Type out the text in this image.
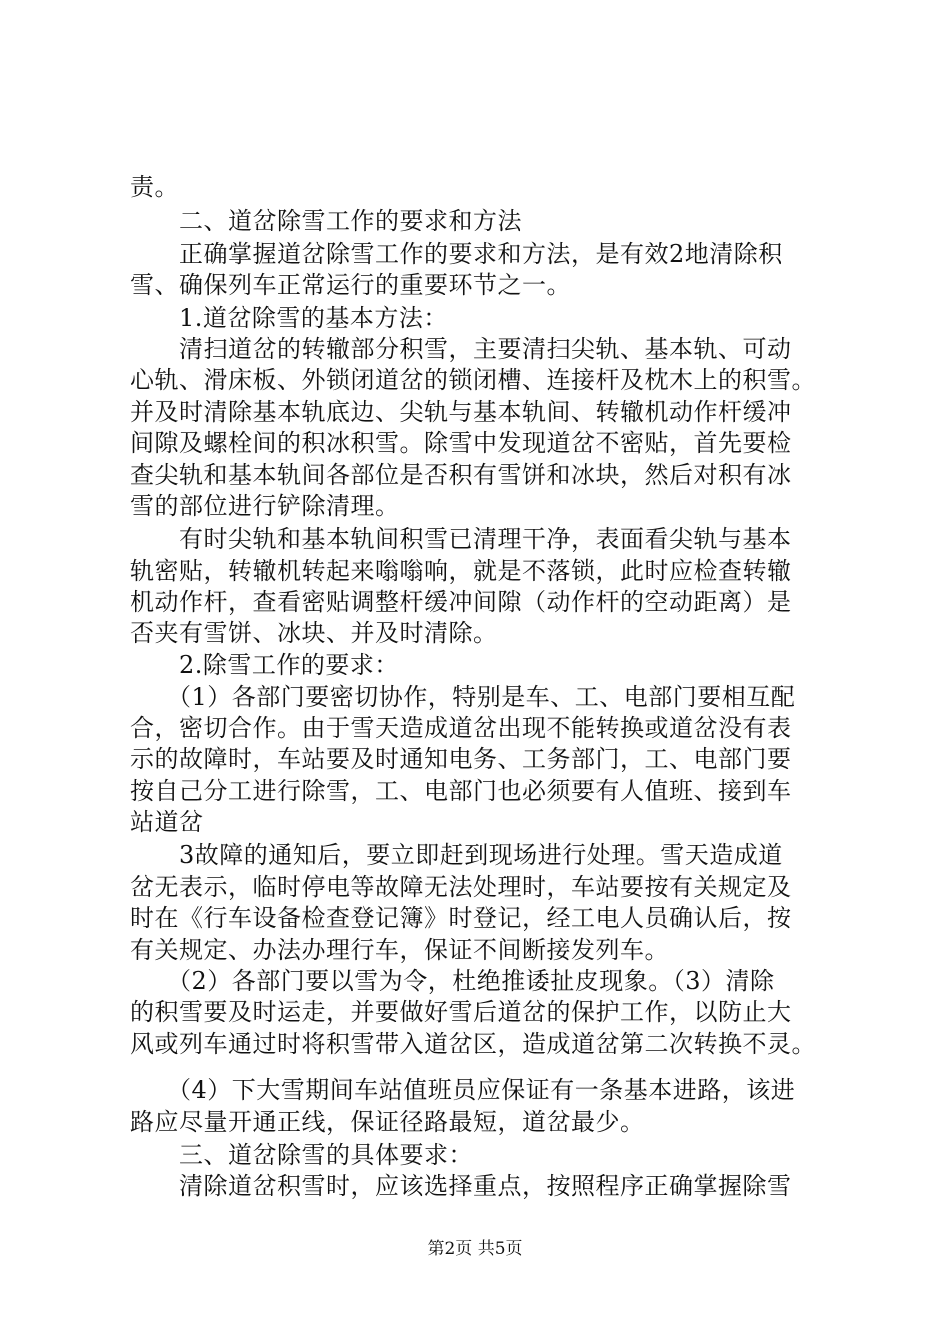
责。
　　二、道岔除雪工作的要求和方法
　　正确掌握道岔除雪工作的要求和方法，是有效2地清除积
雪、确保列车正常运行的重要环节之一。
　　1.道岔除雪的基本方法：
　　清扫道岔的转辙部分积雪，主要清扫尖轨、基本轨、可动
心轨、滑床板、外锁闭道岔的锁闭槽、连接杆及枕木上的积雪。
并及时清除基本轨底边、尖轨与基本轨间、转辙机动作杆缓冲
间隙及螺栓间的积冰积雪。除雪中发现道岔不密贴，首先要检
查尖轨和基本轨间各部位是否积有雪饼和冰块，然后对积有冰
雪的部位进行铲除清理。
　　有时尖轨和基本轨间积雪已清理干净，表面看尖轨与基本
轨密贴，转辙机转起来嗡嗡响，就是不落锁，此时应检查转辙
机动作杆，查看密贴调整杆缓冲间隙（动作杆的空动距离）是
否夹有雪饼、冰块、并及时清除。
　　2.除雪工作的要求：
　　（1）各部门要密切协作，特别是车、工、电部门要相互配
合，密切合作。由于雪天造成道岔出现不能转换或道岔没有表
示的故障时，车站要及时通知电务、工务部门，工、电部门要
按自己分工进行除雪，工、电部门也必须要有人值班、接到车
站道岔
　　3故障的通知后，要立即赶到现场进行处理。雪天造成道
岔无表示，临时停电等故障无法处理时，车站要按有关规定及
时在《行车设备检查登记簿》时登记，经工电人员确认后，按
有关规定、办法办理行车，保证不间断接发列车。
　　（2）各部门要以雪为令，杜绝推诿扯皮现象。（3）清除
的积雪要及时运走，并要做好雪后道岔的保护工作，以防止大
风或列车通过时将积雪带入道岔区，造成道岔第二次转换不灵。
　　（4）下大雪期间车站值班员应保证有一条基本进路，该进
路应尽量开通正线，保证径路最短，道岔最少。
　　三、道岔除雪的具体要求：
　　清除道岔积雪时，应该选择重点，按照程序正确掌握除雪
第2页 共5页
